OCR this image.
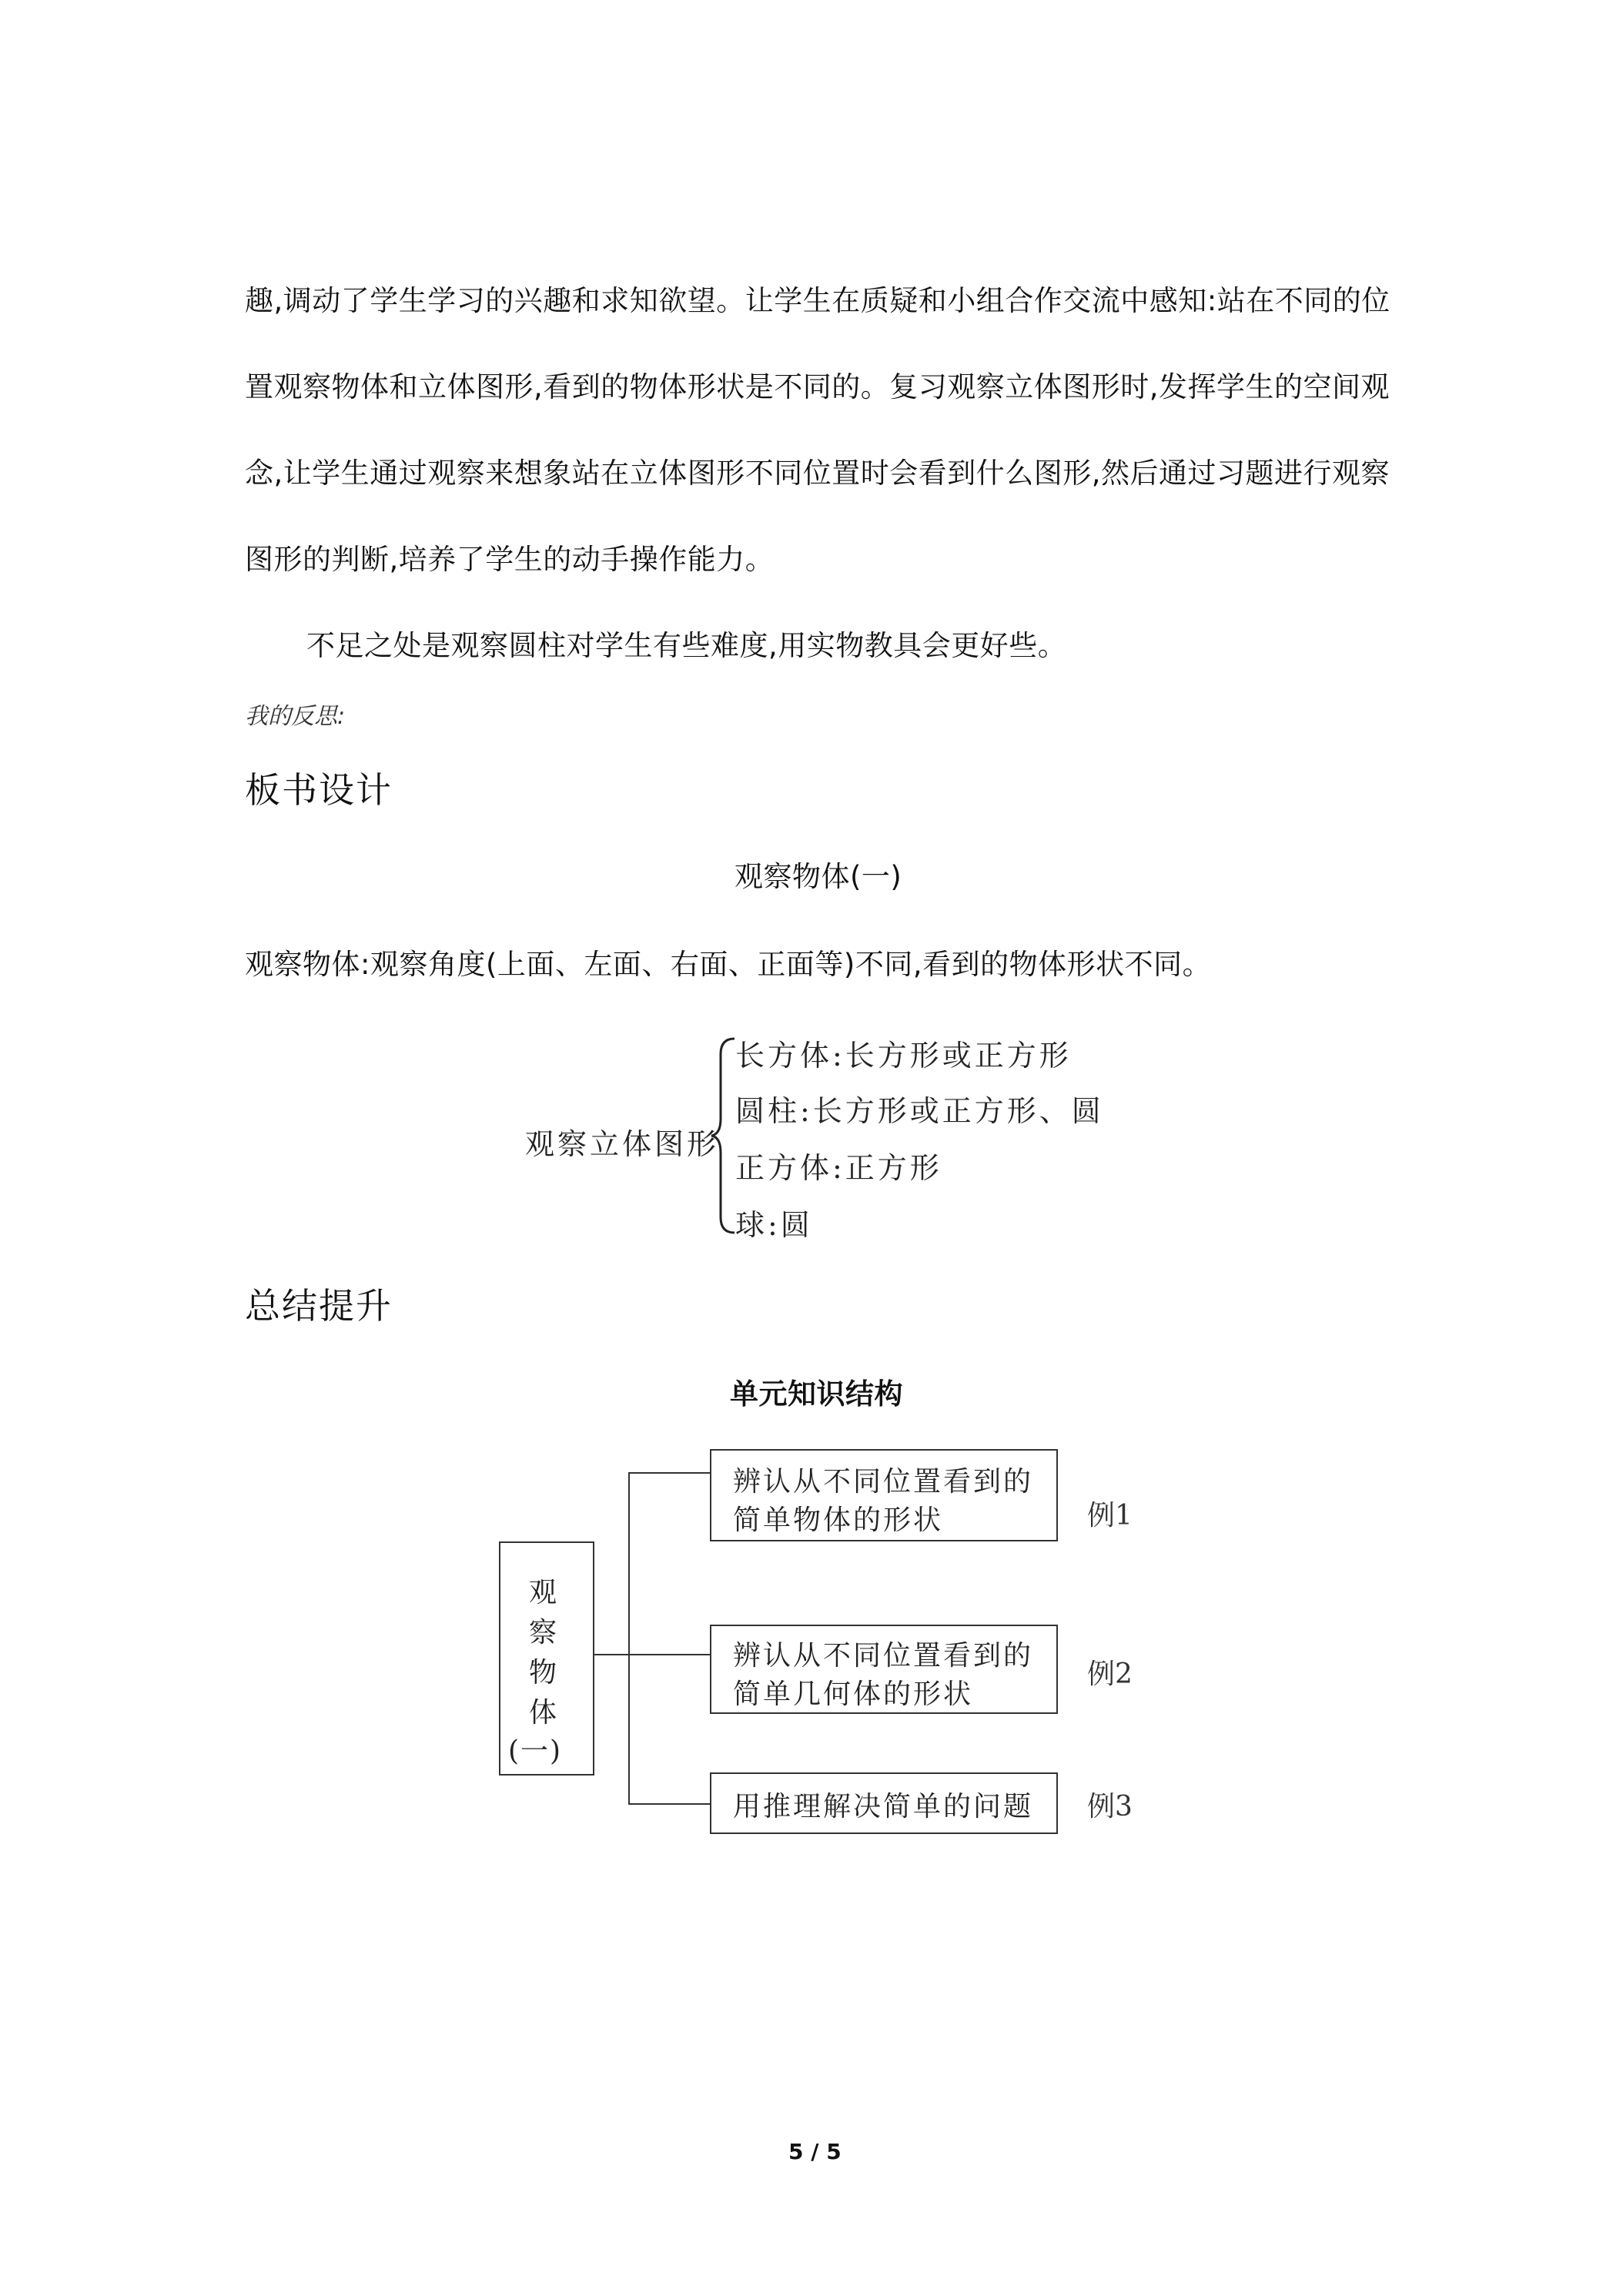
趣,调动了学生学习的兴趣和求知欲望。让学生在质疑和小组合作交流中感知:站在不同的位
置观察物体和立体图形,看到的物体形状是不同的。复习观察立体图形时,发挥学生的空间观
念,让学生通过观察来想象站在立体图形不同位置时会看到什么图形,然后通过习题进行观察
图形的判断,培养了学生的动手操作能力。
不足之处是观察圆柱对学生有些难度,用实物教具会更好些。
我的反思:
板书设计
观察物体(一)
观察物体:观察角度(上面、左面、右面、正面等)不同,看到的物体形状不同。
观察立体图形
长方体:长方形或正方形
圆柱:长方形或正方形、圆
正方体:正方形
球:圆
总结提升
单元知识结构
观
察
物
体
(一)
辨认从不同位置看到的
简单物体的形状	例1
辨认从不同位置看到的
简单几何体的形状
例2
用推理解决简单的问题 例3
5 / 5
